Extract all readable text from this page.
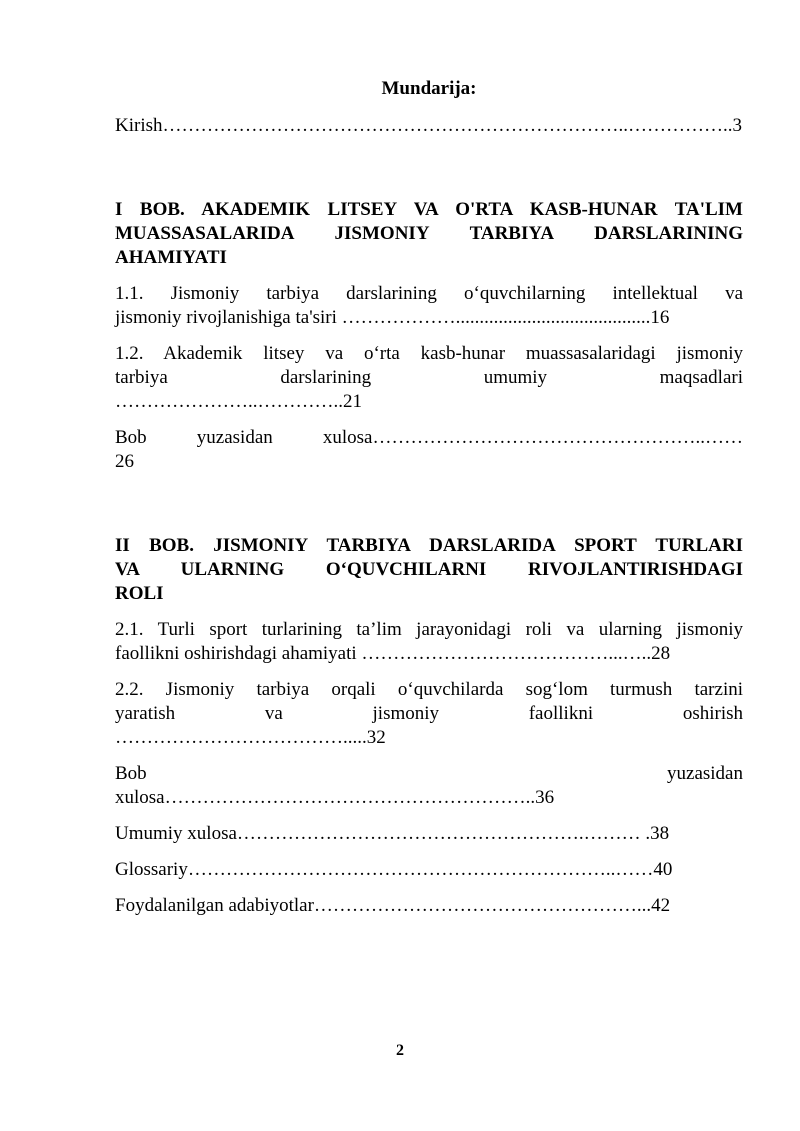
Mundarija:
Kirish………………………………………………………………..……………..3
I BOB. AKADEMIK LITSEY VA O'RTA KASB-HUNAR TA'LIM
MUASSASALARIDA JISMONIY TARBIYA DARSLARINING
AHAMIYATI
1.1. Jismoniy tarbiya darslarining o‘quvchilarning intellektual va
jismoniy rivojlanishiga ta'siri ……………….........................................16
1.2. Akademik litsey va o‘rta kasb-hunar muassasalaridagi jismoniy
tarbiya darslarining umumiy maqsadlari
…………………..…………..21
Bob yuzasidan xulosa……………………………………………..……
26
II BOB. JISMONIY TARBIYA DARSLARIDA SPORT TURLARI
VA ULARNING O‘QUVCHILARNI RIVOJLANTIRISHDAGI
ROLI
2.1. Turli sport turlarining ta’lim jarayonidagi roli va ularning jismoniy
faollikni oshirishdagi ahamiyati …………………………………...…..28
2.2. Jismoniy tarbiya orqali o‘quvchilarda sog‘lom turmush tarzini
yaratish va jismoniy faollikni oshirish
……………………………….....32
Bob yuzasidan
xulosa…………………………………………………..36
Umumiy xulosa……………………………………………….……… .38
Glossariy…………………………………………………………..……40
Foydalanilgan adabiyotlar……………………………………………...42
2
